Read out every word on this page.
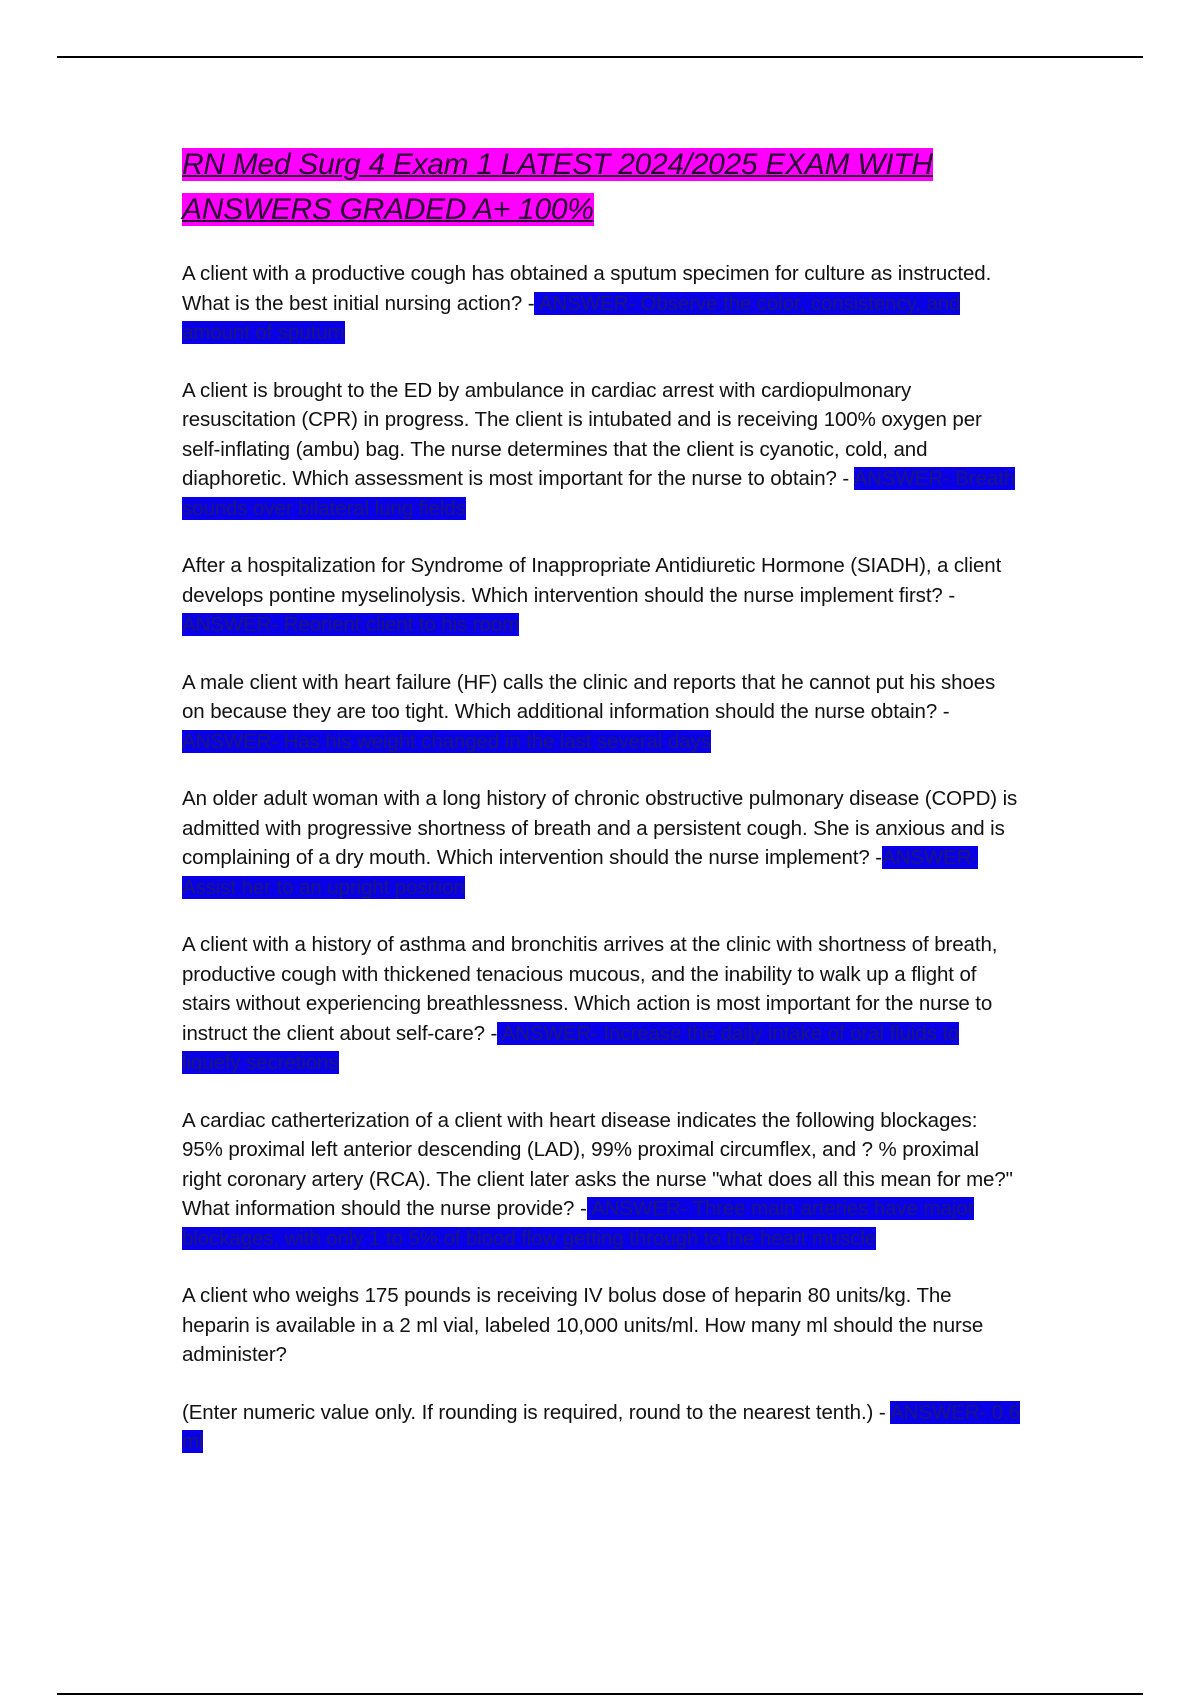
RN Med Surg 4 Exam 1 LATEST 2024/2025 EXAM WITH ANSWERS GRADED A+ 100%

A client with a productive cough has obtained a sputum specimen for culture as instructed. What is the best initial nursing action? - ANSWER- Observe the color, consistency, and amount of sputum

A client is brought to the ED by ambulance in cardiac arrest with cardiopulmonary resuscitation (CPR) in progress. The client is intubated and is receiving 100% oxygen per self-inflating (ambu) bag. The nurse determines that the client is cyanotic, cold, and diaphoretic. Which assessment is most important for the nurse to obtain? - ANSWER- Breath sounds over bilateral lung fields

After a hospitalization for Syndrome of Inappropriate Antidiuretic Hormone (SIADH), a client develops pontine myselinolysis. Which intervention should the nurse implement first? -ANSWER- Reorient client to his room

A male client with heart failure (HF) calls the clinic and reports that he cannot put his shoes on because they are too tight. Which additional information should the nurse obtain? - ANSWER- Has his weight changed in the last several days

An older adult woman with a long history of chronic obstructive pulmonary disease (COPD) is admitted with progressive shortness of breath and a persistent cough. She is anxious and is complaining of a dry mouth. Which intervention should the nurse implement? -ANSWER- Assist her to an upright position

A client with a history of asthma and bronchitis arrives at the clinic with shortness of breath, productive cough with thickened tenacious mucous, and the inability to walk up a flight of stairs without experiencing breathlessness. Which action is most important for the nurse to instruct the client about self-care? - ANSWER- Increase the daily intake of oral fluids to liquefy secretions

A cardiac catherterization of a client with heart disease indicates the following blockages: 95% proximal left anterior descending (LAD), 99% proximal circumflex, and ? % proximal right coronary artery (RCA). The client later asks the nurse "what does all this mean for me?" What information should the nurse provide? - ANSWER- Three main arteries have major blockages, with only 1 to 5% of blood flow getting through to the heart muscle

A client who weighs 175 pounds is receiving IV bolus dose of heparin 80 units/kg. The heparin is available in a 2 ml vial, labeled 10,000 units/ml. How many ml should the nurse administer?

(Enter numeric value only. If rounding is required, round to the nearest tenth.) - ANSWER- 0.6 ml
